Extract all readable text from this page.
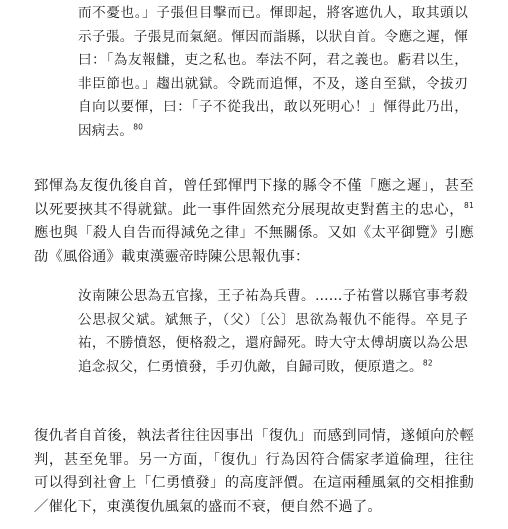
而不憂也。」子張但目擊而已。惲即起，將客遮仇人，取其頭以示子張。子張見而氣絕。惲因而詣縣，以狀自首。令應之遲，惲曰：「為友報讎，吏之私也。奉法不阿，君之義也。虧君以生，非臣節也。」趨出就獄。令跣而追惲，不及，遂自至獄，令拔刃自向以要惲，曰：「子不從我出，敢以死明心！」惲得此乃出，因病去。$^{80}$

郅惲為友復仇後自首，曾任郅惲門下掾的縣令不僅「應之遲」，甚至以死要挾其不得就獄。此一事件固然充分展現故吏對舊主的忠心，$^{81}$應也與「殺人自告而得減免之律」不無關係。又如《太平御覽》引應劭《風俗通》載東漢靈帝時陳公思報仇事：

汝南陳公思為五官掾，王子祐為兵曹。……子祐嘗以縣官事考殺公思叔父斌。斌無子，（父）〔公〕思欲為報仇不能得。卒見子祐，不勝憤怒，便格殺之，還府歸死。時大守太傅胡廣以為公思追念叔父，仁勇憤發，手刃仇敵，自歸司敗，便原遣之。$^{82}$

復仇者自首後，執法者往往因事出「復仇」而感到同情，遂傾向於輕判，甚至免罪。另一方面，「復仇」行為因符合儒家孝道倫理，往往可以得到社會上「仁勇憤發」的高度評價。在這兩種風氣的交相推動／催化下，東漢復仇風氣的盛而不衰，便自然不過了。
